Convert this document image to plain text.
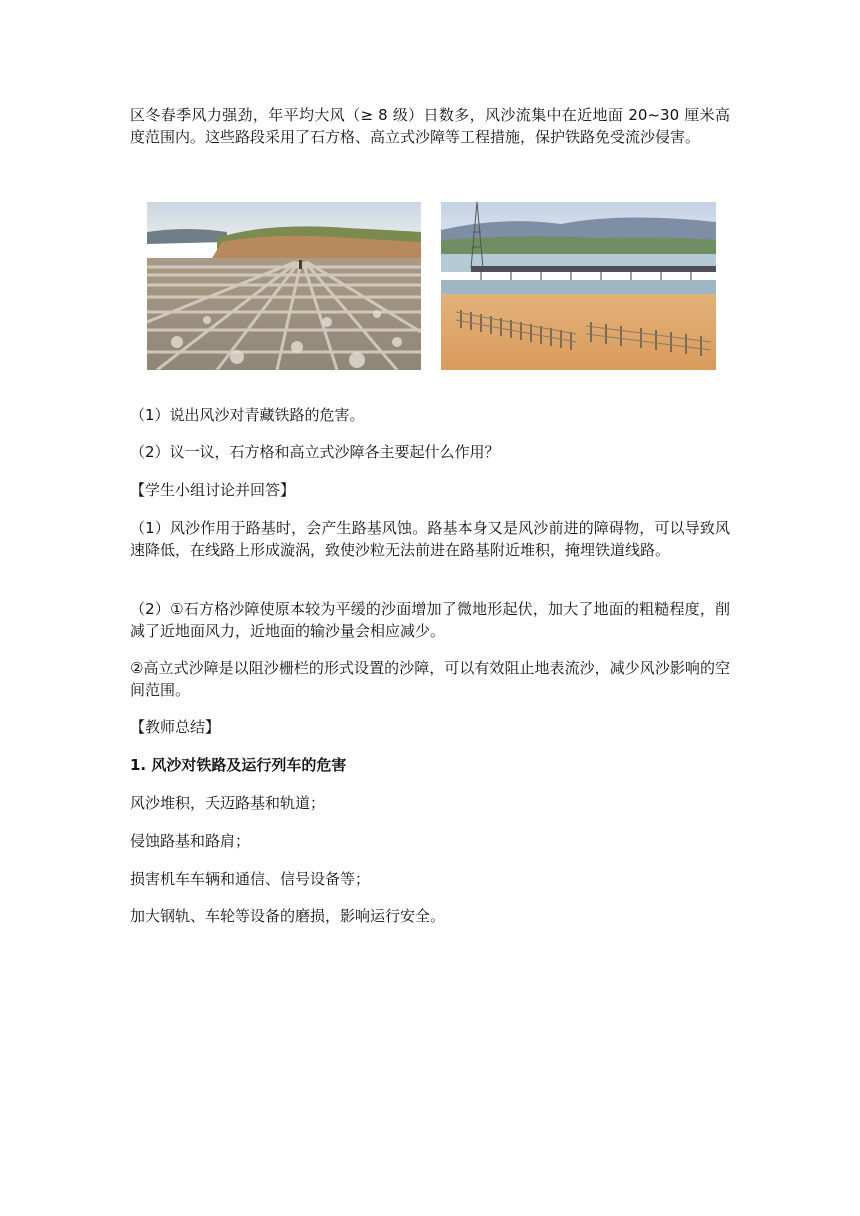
区冬春季风力强劲，年平均大风（≥ 8 级）日数多，风沙流集中在近地面 20~30 厘米高度范围内。这些路段采用了石方格、高立式沙障等工程措施，保护铁路免受流沙侵害。

（1）说出风沙对青藏铁路的危害。

（2）议一议，石方格和高立式沙障各主要起什么作用？

【学生小组讨论并回答】

（1）风沙作用于路基时，会产生路基风蚀。路基本身又是风沙前进的障碍物，可以导致风速降低，在线路上形成漩涡，致使沙粒无法前进在路基附近堆积，掩埋铁道线路。

（2）①石方格沙障使原本较为平缓的沙面增加了微地形起伏，加大了地面的粗糙程度，削减了近地面风力，近地面的输沙量会相应减少。

②高立式沙障是以阻沙栅栏的形式设置的沙障，可以有效阻止地表流沙，减少风沙影响的空间范围。

【教师总结】

1. 风沙对铁路及运行列车的危害

风沙堆积，夭迈路基和轨道；

侵蚀路基和路肩；

损害机车车辆和通信、信号设备等；

加大钢轨、车轮等设备的磨损，影响运行安全。
